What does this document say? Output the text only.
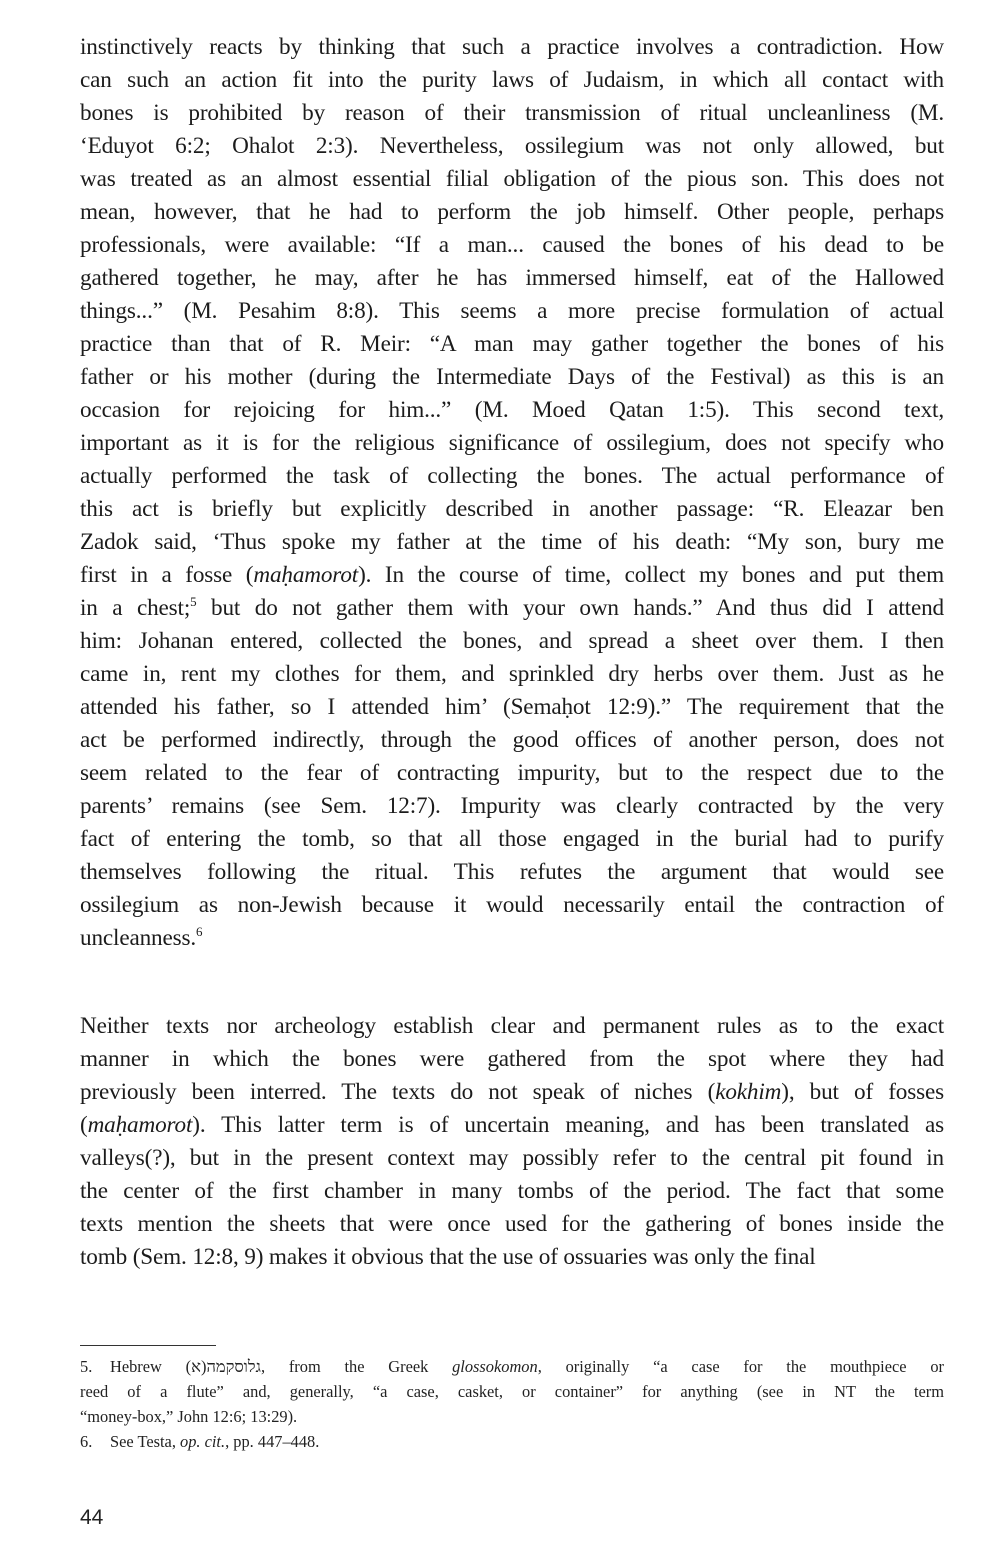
instinctively reacts by thinking that such a practice involves a contradiction. How
can such an action fit into the purity laws of Judaism, in which all contact with
bones is prohibited by reason of their transmission of ritual uncleanliness (M.
‘Eduyot 6:2; Ohalot 2:3). Nevertheless, ossilegium was not only allowed, but
was treated as an almost essential filial obligation of the pious son. This does not
mean, however, that he had to perform the job himself. Other people, perhaps
professionals, were available: “If a man... caused the bones of his dead to be
gathered together, he may, after he has immersed himself, eat of the Hallowed
things...” (M. Pesahim 8:8). This seems a more precise formulation of actual
practice than that of R. Meir: “A man may gather together the bones of his
father or his mother (during the Intermediate Days of the Festival) as this is an
occasion for rejoicing for him...” (M. Moed Qatan 1:5). This second text,
important as it is for the religious significance of ossilegium, does not specify who
actually performed the task of collecting the bones. The actual performance of
this act is briefly but explicitly described in another passage: “R. Eleazar ben
Zadok said, ‘Thus spoke my father at the time of his death: “My son, bury me
first in a fosse (maḥamorot). In the course of time, collect my bones and put them
in a chest;$^5$ but do not gather them with your own hands.” And thus did I attend
him: Johanan entered, collected the bones, and spread a sheet over them. I then
came in, rent my clothes for them, and sprinkled dry herbs over them. Just as he
attended his father, so I attended him’ (Semaḥot 12:9).” The requirement that the
act be performed indirectly, through the good offices of another person, does not
seem related to the fear of contracting impurity, but to the respect due to the
parents’ remains (see Sem. 12:7). Impurity was clearly contracted by the very
fact of entering the tomb, so that all those engaged in the burial had to purify
themselves following the ritual. This refutes the argument that would see
ossilegium as non-Jewish because it would necessarily entail the contraction of
uncleanness.$^6$
Neither texts nor archeology establish clear and permanent rules as to the exact
manner in which the bones were gathered from the spot where they had
previously been interred. The texts do not speak of niches (kokhim), but of fosses
(maḥamorot). This latter term is of uncertain meaning, and has been translated as
valleys(?), but in the present context may possibly refer to the central pit found in
the center of the first chamber in many tombs of the period. The fact that some
texts mention the sheets that were once used for the gathering of bones inside the
tomb (Sem. 12:8, 9) makes it obvious that the use of ossuaries was only the final
5. Hebrew (א)גלוסקמה, from the Greek glossokomon, originally “a case for the mouthpiece or
reed of a flute” and, generally, “a case, casket, or container” for anything (see in NT the term
“money-box,” John 12:6; 13:29).
6. See Testa, op. cit., pp. 447–448.
44
